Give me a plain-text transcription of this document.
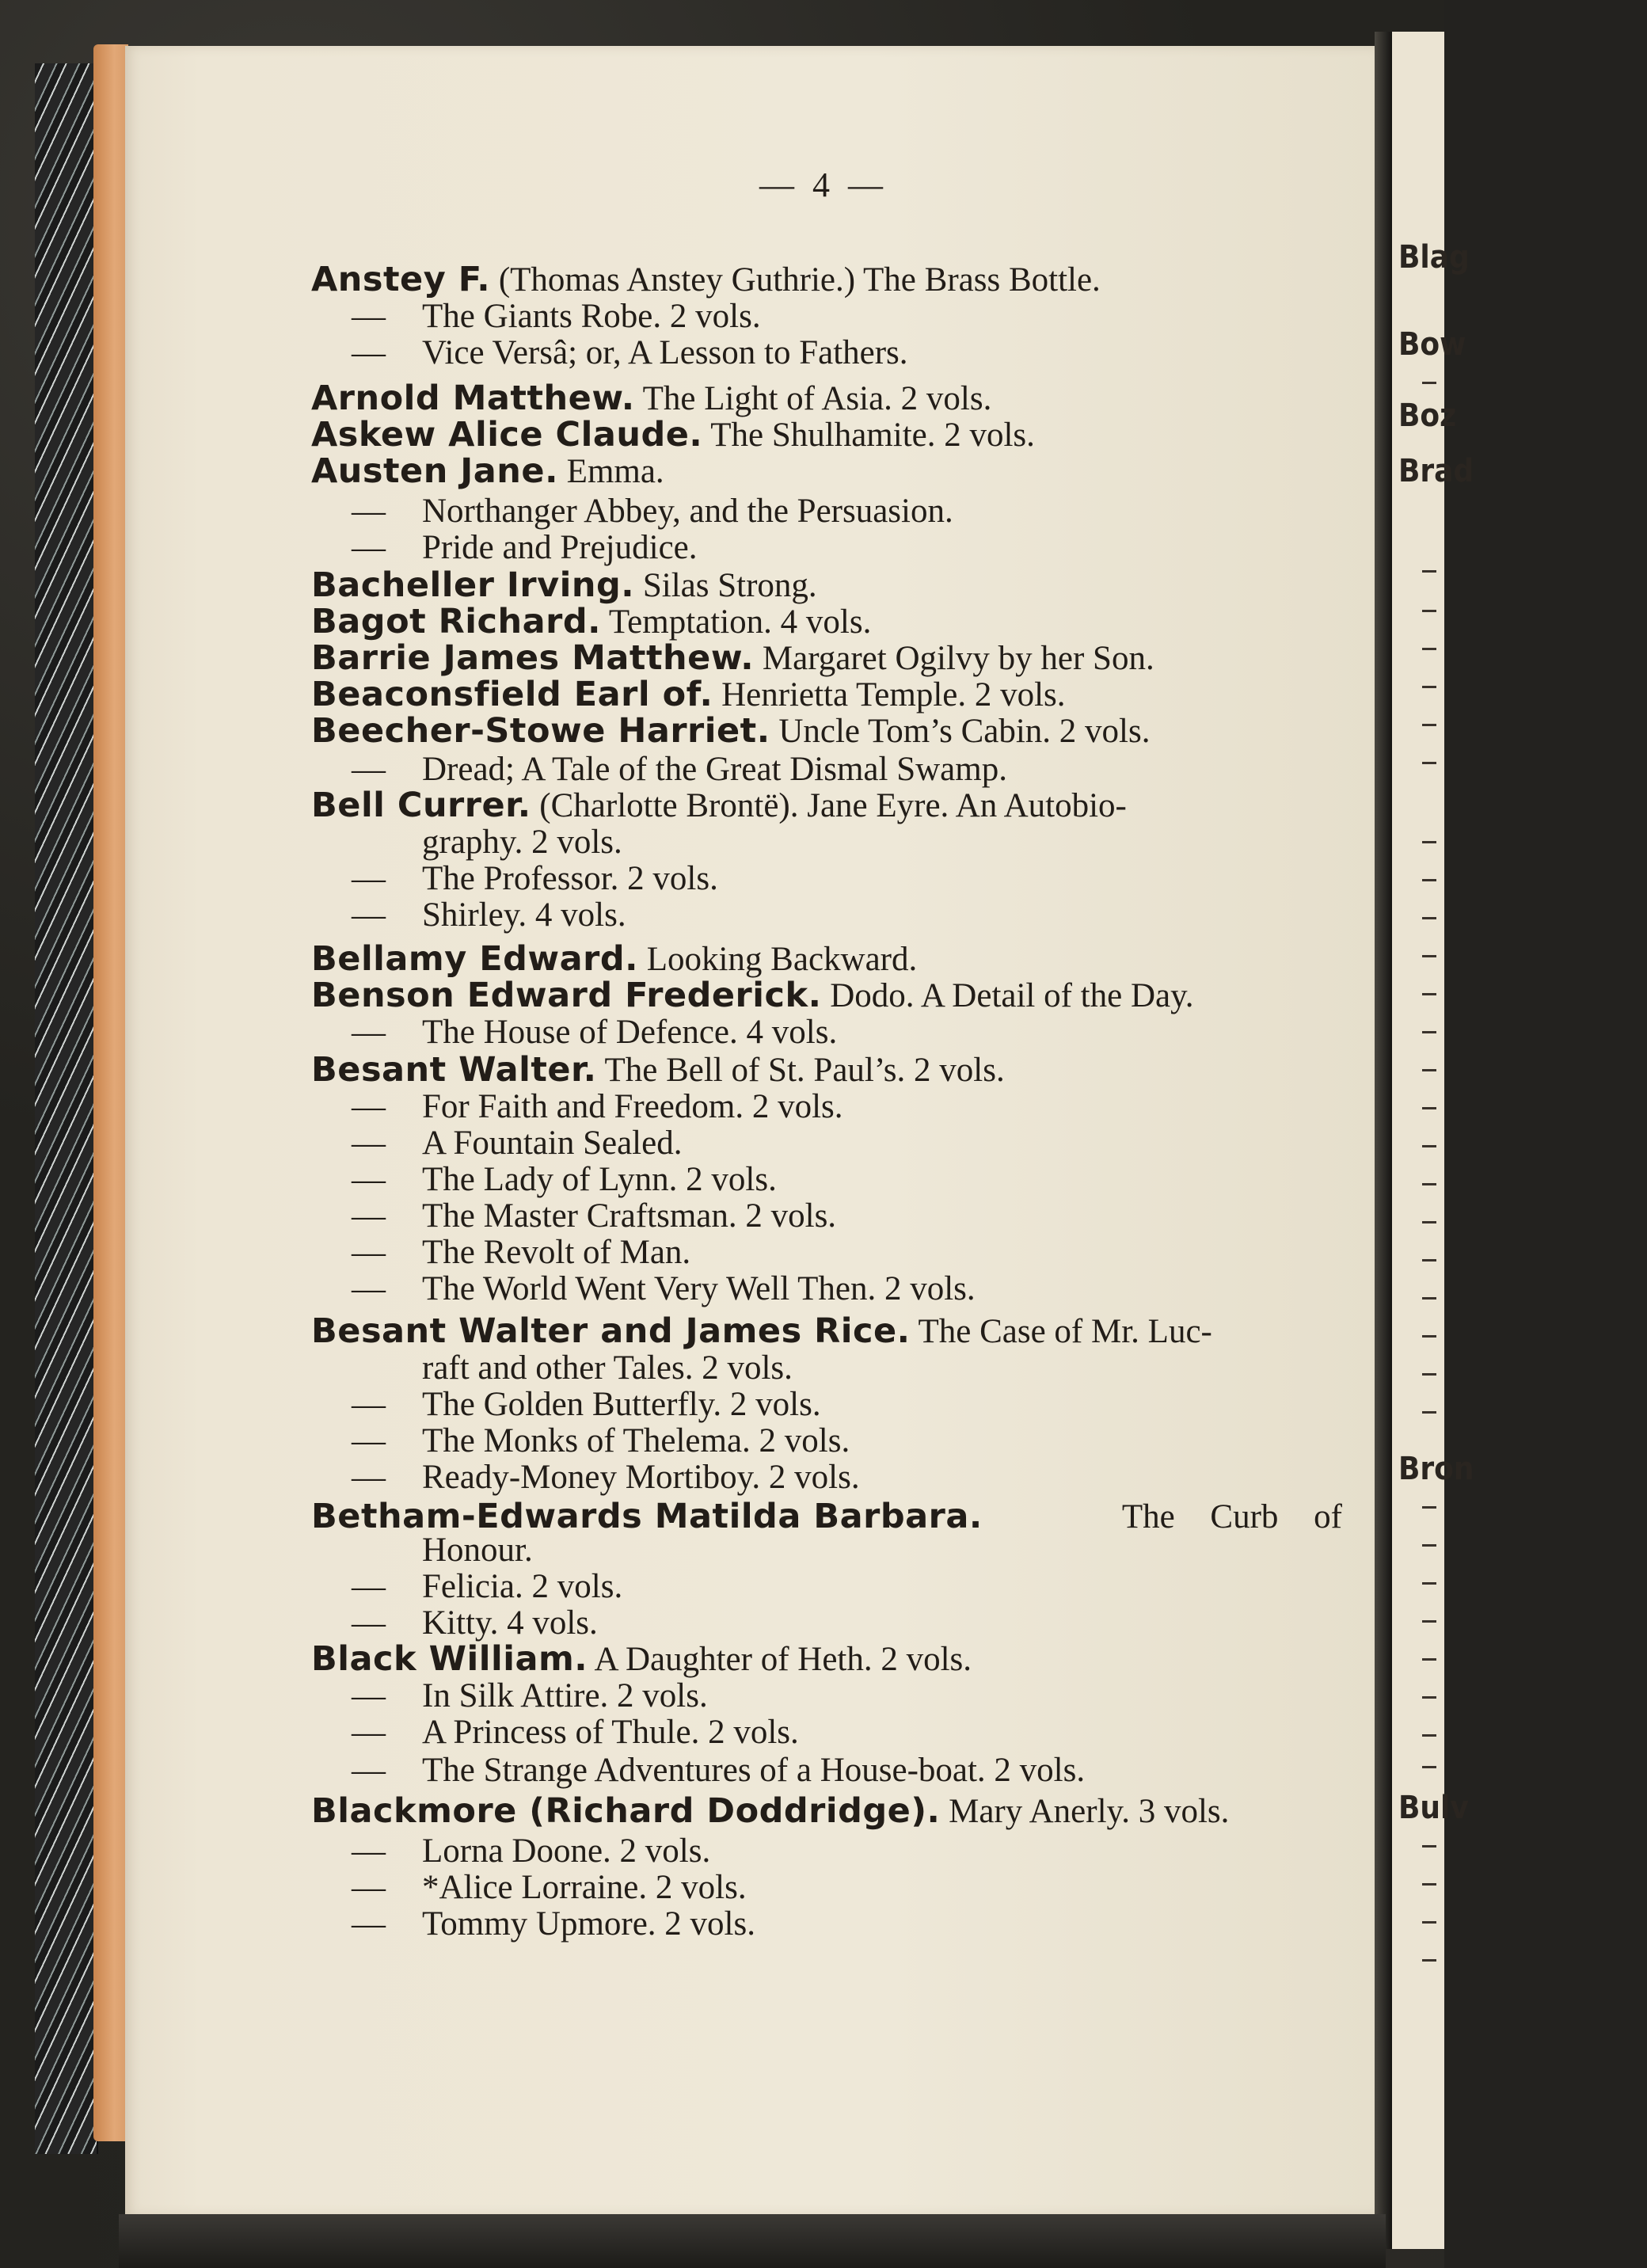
Blag
Bow
Boz
Brad
Bron
Bulv
— 4 —
Anstey F. (Thomas Anstey Guthrie.) The Brass Bottle.
— The Giants Robe. 2 vols.
— Vice Versâ; or, A Lesson to Fathers.
Arnold Matthew. The Light of Asia. 2 vols.
Askew Alice Claude. The Shulhamite. 2 vols.
Austen Jane. Emma.
— Northanger Abbey, and the Persuasion.
— Pride and Prejudice.
Bacheller Irving. Silas Strong.
Bagot Richard. Temptation. 4 vols.
Barrie James Matthew. Margaret Ogilvy by her Son.
Beaconsfield Earl of. Henrietta Temple. 2 vols.
Beecher-Stowe Harriet. Uncle Tom’s Cabin. 2 vols.
— Dread; A Tale of the Great Dismal Swamp.
Bell Currer. (Charlotte Brontë). Jane Eyre. An Autobio-
graphy. 2 vols.
— The Professor. 2 vols.
— Shirley. 4 vols.
Bellamy Edward. Looking Backward.
Benson Edward Frederick. Dodo. A Detail of the Day.
— The House of Defence. 4 vols.
Besant Walter. The Bell of St. Paul’s. 2 vols.
— For Faith and Freedom. 2 vols.
— A Fountain Sealed.
— The Lady of Lynn. 2 vols.
— The Master Craftsman. 2 vols.
— The Revolt of Man.
— The World Went Very Well Then. 2 vols.
Besant Walter and James Rice. The Case of Mr. Luc-
raft and other Tales. 2 vols.
— The Golden Butterfly. 2 vols.
— The Monks of Thelema. 2 vols.
— Ready-Money Mortiboy. 2 vols.
Betham-Edwards Matilda Barbara.	The Curb of
Honour.
— Felicia. 2 vols.
— Kitty. 4 vols.
Black William. A Daughter of Heth. 2 vols.
— In Silk Attire. 2 vols.
— A Princess of Thule. 2 vols.
— The Strange Adventures of a House-boat. 2 vols.
Blackmore (Richard Doddridge). Mary Anerly. 3 vols.
— Lorna Doone. 2 vols.
— *Alice Lorraine. 2 vols.
— Tommy Upmore. 2 vols.
